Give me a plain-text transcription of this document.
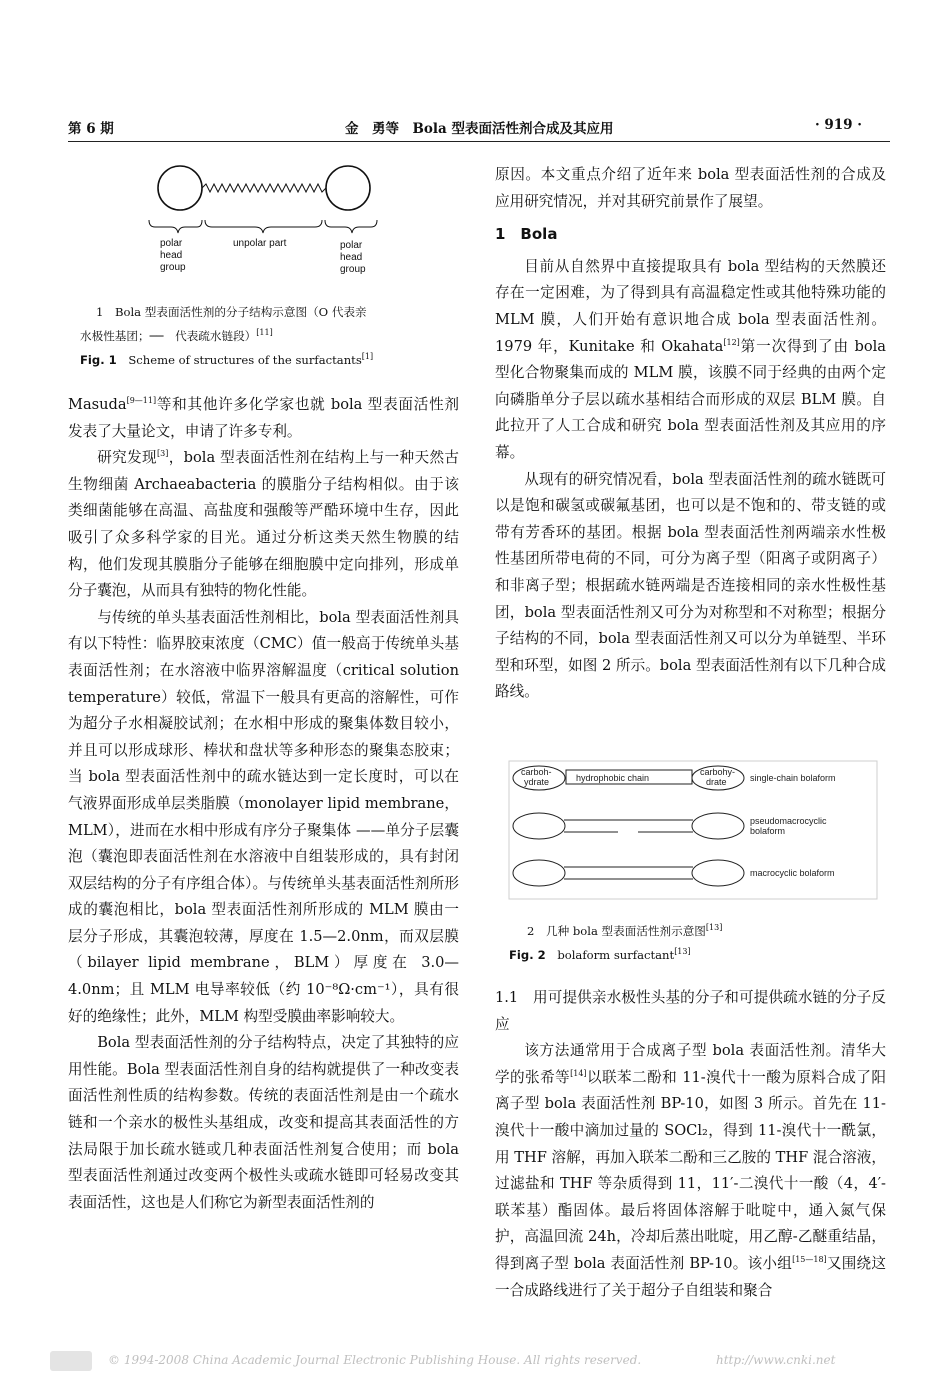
第 6 期	金　勇等　Bola 型表面活性剂合成及其应用	· 919 ·
polar
head
group
unpolar part	polar
head
group
1　Bola 型表面活性剂的分子结构示意图（O 代表亲
水极性基团；──　代表疏水链段）[11]
Fig. 1　 Scheme of structures of the surfactants[1]

Masuda[9—11]等和其他许多化学家也就 bola 型表面活性剂发表了大量论文，申请了许多专利。

研究发现[3]，bola 型表面活性剂在结构上与一种天然古生物细菌 Archaeabacteria 的膜脂分子结构相似。由于该类细菌能够在高温、高盐度和强酸等严酷环境中生存，因此吸引了众多科学家的目光。通过分析这类天然生物膜的结构，他们发现其膜脂分子能够在细胞膜中定向排列，形成单分子囊泡，从而具有独特的物化性能。

与传统的单头基表面活性剂相比，bola 型表面活性剂具有以下特性：临界胶束浓度（CMC）值一般高于传统单头基表面活性剂；在水溶液中临界溶解温度（critical solution temperature）较低，常温下一般具有更高的溶解性，可作为超分子水相凝胶试剂；在水相中形成的聚集体数目较小，并且可以形成球形、棒状和盘状等多种形态的聚集态胶束；当 bola 型表面活性剂中的疏水链达到一定长度时，可以在气液界面形成单层类脂膜（monolayer lipid membrane，MLM），进而在水相中形成有序分子聚集体 ——单分子层囊泡（囊泡即表面活性剂在水溶液中自组装形成的，具有封闭双层结构的分子有序组合体）。与传统单头基表面活性剂所形成的囊泡相比，bola 型表面活性剂所形成的 MLM 膜由一层分子形成，其囊泡较薄，厚度在 1.5—2.0nm，而双层膜（bilayer lipid membrane，BLM）厚度在 3.0—4.0nm；且 MLM 电导率较低（约 10⁻⁸Ω·cm⁻¹），具有很好的绝缘性；此外，MLM 构型受膜曲率影响较大。

Bola 型表面活性剂的分子结构特点，决定了其独特的应用性能。Bola 型表面活性剂自身的结构就提供了一种改变表面活性剂性质的结构参数。传统的表面活性剂是由一个疏水链和一个亲水的极性头基组成，改变和提高其表面活性的方法局限于加长疏水链或几种表面活性剂复合使用；而 bola 型表面活性剂通过改变两个极性头或疏水链即可轻易改变其表面活性，这也是人们称它为新型表面活性剂的

原因。本文重点介绍了近年来 bola 型表面活性剂的合成及应用研究情况，并对其研究前景作了展望。

1　Bola

目前从自然界中直接提取具有 bola 型结构的天然膜还存在一定困难，为了得到具有高温稳定性或其他特殊功能的 MLM 膜，人们开始有意识地合成 bola 型表面活性剂。1979 年，Kunitake 和 Okahata[12]第一次得到了由 bola 型化合物聚集而成的 MLM 膜，该膜不同于经典的由两个定向磷脂单分子层以疏水基相结合而形成的双层 BLM 膜。自此拉开了人工合成和研究 bola 型表面活性剂及其应用的序幕。

从现有的研究情况看，bola 型表面活性剂的疏水链既可以是饱和碳氢或碳氟基团，也可以是不饱和的、带支链的或带有芳香环的基团。根据 bola 型表面活性剂两端亲水性极性基团所带电荷的不同，可分为离子型（阳离子或阴离子）和非离子型；根据疏水链两端是否连接相同的亲水性极性基团，bola 型表面活性剂又可分为对称型和不对称型；根据分子结构的不同，bola 型表面活性剂又可以分为单链型、半环型和环型，如图 2 所示。bola 型表面活性剂有以下几种合成路线。

carboh-
ydrate	hydrophobic chain
carbohy-
drate	single-chain bolaform
pseudomacrocyclic
bolaform
macrocyclic bolaform
2　几种 bola 型表面活性剂示意图[13]
Fig. 2　 bolaform surfactant[13]

1.1　用可提供亲水极性头基的分子和可提供疏水链的分子反应

该方法通常用于合成离子型 bola 表面活性剂。清华大学的张希等[14]以联苯二酚和 11-溴代十一酸为原料合成了阳离子型 bola 表面活性剂 BP-10，如图 3 所示。首先在 11-溴代十一酸中滴加过量的 SOCl₂，得到 11-溴代十一酰氯，用 THF 溶解，再加入联苯二酚和三乙胺的 THF 混合溶液，过滤盐和 THF 等杂质得到 11，11′-二溴代十一酸（4，4′-联苯基）酯固体。最后将固体溶解于吡啶中，通入氮气保护，高温回流 24h，冷却后蒸出吡啶，用乙醇-乙醚重结晶，得到离子型 bola 表面活性剂 BP-10。该小组[15—18]又围绕这一合成路线进行了关于超分子自组装和聚合

© 1994-2008 China Academic Journal Electronic Publishing House. All rights reserved.	http://www.cnki.net
